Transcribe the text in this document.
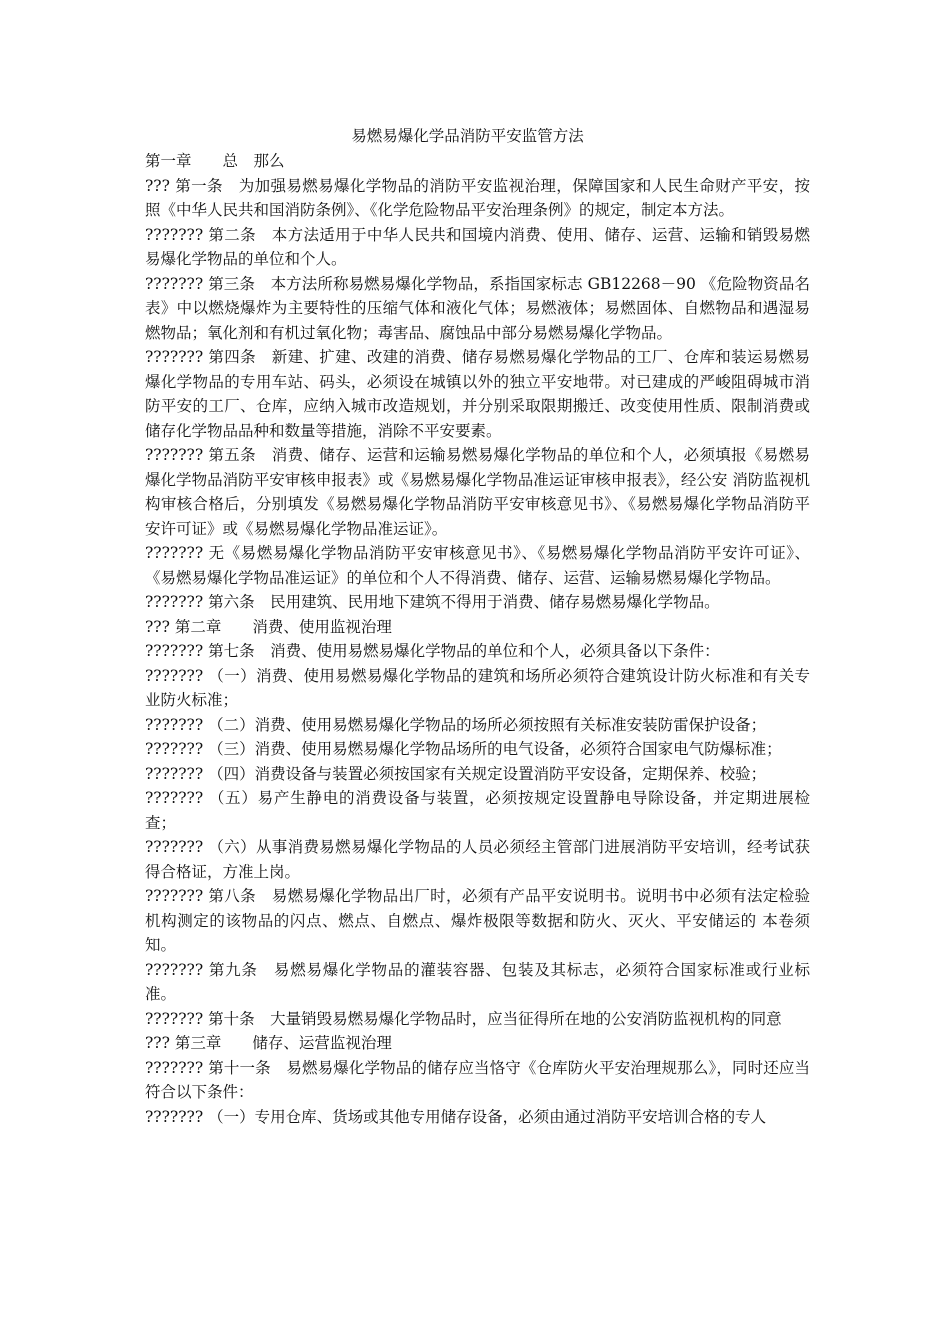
易燃易爆化学品消防平安监管方法

第一章　　总　那么

??? 第一条　为加强易燃易爆化学物品的消防平安监视治理，保障国家和人民生命财产平安，按照《中华人民共和国消防条例》、《化学危险物品平安治理条例》的规定，制定本方法。

??????? 第二条　本方法适用于中华人民共和国境内消费、使用、储存、运营、运输和销毁易燃易爆化学物品的单位和个人。

??????? 第三条　本方法所称易燃易爆化学物品，系指国家标志 GB12268－90 《危险物资品名表》中以燃烧爆炸为主要特性的压缩气体和液化气体；易燃液体；易燃固体、自燃物品和遇湿易燃物品；氧化剂和有机过氧化物；毒害品、腐蚀品中部分易燃易爆化学物品。

??????? 第四条　新建、扩建、改建的消费、储存易燃易爆化学物品的工厂、仓库和装运易燃易爆化学物品的专用车站、码头，必须设在城镇以外的独立平安地带。对已建成的严峻阻碍城市消防平安的工厂、仓库，应纳入城市改造规划，并分别采取限期搬迁、改变使用性质、限制消费或储存化学物品品种和数量等措施，消除不平安要素。

??????? 第五条　消费、储存、运营和运输易燃易爆化学物品的单位和个人，必须填报《易燃易爆化学物品消防平安审核申报表》或《易燃易爆化学物品准运证审核申报表》，经公安 消防监视机构审核合格后，分别填发《易燃易爆化学物品消防平安审核意见书》、《易燃易爆化学物品消防平安许可证》或《易燃易爆化学物品准运证》。

??????? 无《易燃易爆化学物品消防平安审核意见书》、《易燃易爆化学物品消防平安许可证》、《易燃易爆化学物品准运证》的单位和个人不得消费、储存、运营、运输易燃易爆化学物品。

??????? 第六条　民用建筑、民用地下建筑不得用于消费、储存易燃易爆化学物品。

??? 第二章　　消费、使用监视治理

??????? 第七条　消费、使用易燃易爆化学物品的单位和个人，必须具备以下条件：

??????? （一）消费、使用易燃易爆化学物品的建筑和场所必须符合建筑设计防火标准和有关专业防火标准；

??????? （二）消费、使用易燃易爆化学物品的场所必须按照有关标准安装防雷保护设备；

??????? （三）消费、使用易燃易爆化学物品场所的电气设备，必须符合国家电气防爆标准；

??????? （四）消费设备与装置必须按国家有关规定设置消防平安设备，定期保养、校验；

??????? （五）易产生静电的消费设备与装置，必须按规定设置静电导除设备，并定期进展检查；

??????? （六）从事消费易燃易爆化学物品的人员必须经主管部门进展消防平安培训，经考试获得合格证，方准上岗。

??????? 第八条　易燃易爆化学物品出厂时，必须有产品平安说明书。说明书中必须有法定检验机构测定的该物品的闪点、燃点、自燃点、爆炸极限等数据和防火、灭火、平安储运的 本卷须知。

??????? 第九条　易燃易爆化学物品的灌装容器、包装及其标志，必须符合国家标准或行业标准。

??????? 第十条　大量销毁易燃易爆化学物品时，应当征得所在地的公安消防监视机构的同意

??? 第三章　　储存、运营监视治理

??????? 第十一条　易燃易爆化学物品的储存应当恪守《仓库防火平安治理规那么》，同时还应当符合以下条件：

??????? （一）专用仓库、货场或其他专用储存设备，必须由通过消防平安培训合格的专人
